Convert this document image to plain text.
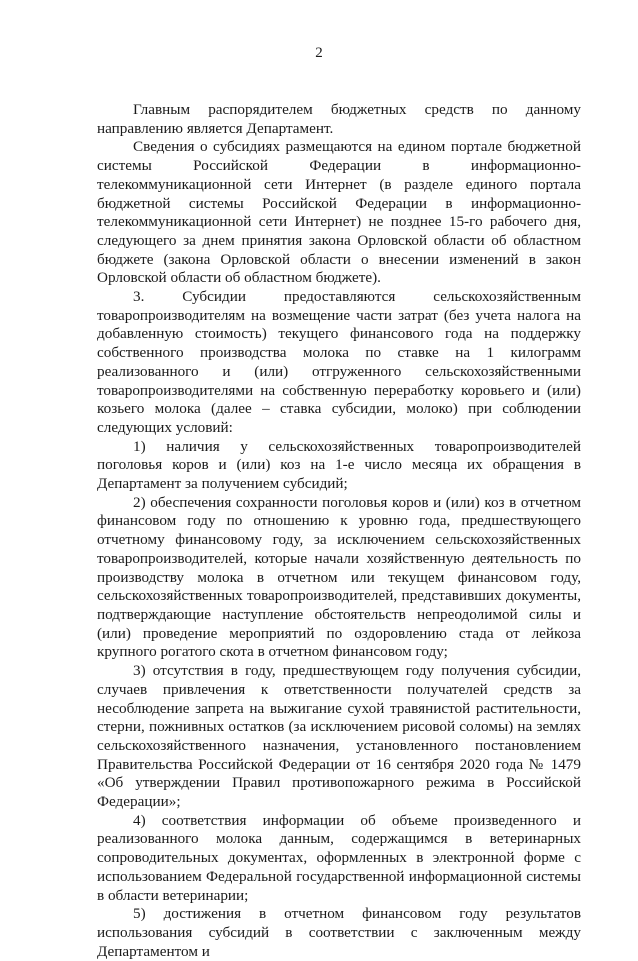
2

Главным распорядителем бюджетных средств по данному направлению является Департамент.

Сведения о субсидиях размещаются на едином портале бюджетной системы Российской Федерации в информационно-телекоммуникационной сети Интернет (в разделе единого портала бюджетной системы Российской Федерации в информационно-телекоммуникационной сети Интернет) не позднее 15-го рабочего дня, следующего за днем принятия закона Орловской области об областном бюджете (закона Орловской области о внесении изменений в закон Орловской области об областном бюджете).

3. Субсидии предоставляются сельскохозяйственным товаропроизводителям на возмещение части затрат (без учета налога на добавленную стоимость) текущего финансового года на поддержку собственного производства молока по ставке на 1 килограмм реализованного и (или) отгруженного сельскохозяйственными товаропроизводителями на собственную переработку коровьего и (или) козьего молока (далее – ставка субсидии, молоко) при соблюдении следующих условий:

1) наличия у сельскохозяйственных товаропроизводителей поголовья коров и (или) коз на 1-е число месяца их обращения в Департамент за получением субсидий;

2) обеспечения сохранности поголовья коров и (или) коз в отчетном финансовом году по отношению к уровню года, предшествующего отчетному финансовому году, за исключением сельскохозяйственных товаропроизводителей, которые начали хозяйственную деятельность по производству молока в отчетном или текущем финансовом году, сельскохозяйственных товаропроизводителей, представивших документы, подтверждающие наступление обстоятельств непреодолимой силы и (или) проведение мероприятий по оздоровлению стада от лейкоза крупного рогатого скота в отчетном финансовом году;

3) отсутствия в году, предшествующем году получения субсидии, случаев привлечения к ответственности получателей средств за несоблюдение запрета на выжигание сухой травянистой растительности, стерни, пожнивных остатков (за исключением рисовой соломы) на землях сельскохозяйственного назначения, установленного постановлением Правительства Российской Федерации от 16 сентября 2020 года № 1479 «Об утверждении Правил противопожарного режима в Российской Федерации»;

4) соответствия информации об объеме произведенного и реализованного молока данным, содержащимся в ветеринарных сопроводительных документах, оформленных в электронной форме с использованием Федеральной государственной информационной системы в области ветеринарии;

5) достижения в отчетном финансовом году результатов использования субсидий в соответствии с заключенным между Департаментом и
